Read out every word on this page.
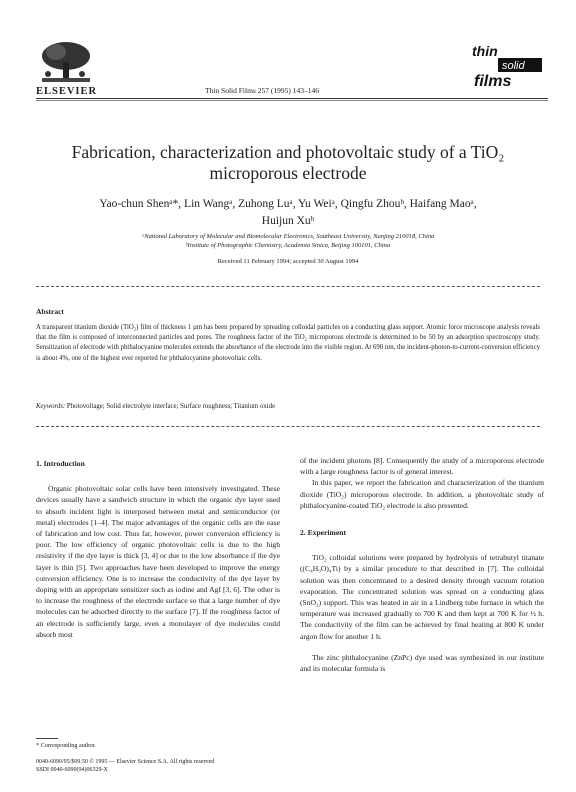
ELSEVIER	Thin Solid Films 257 (1995) 143–146
thin
solid
films
Fabrication, characterization and photovoltaic study of a TiO₂
microporous electrode
Yao-chun Shenᵃ*, Lin Wangᵃ, Zuhong Luᵃ, Yu Weiᵃ, Qingfu Zhouᵇ, Haifang Maoᵃ,
Huijun Xuᵇ
ᵃNational Laboratory of Molecular and Biomolecular Electronics, Southeast University, Nanjing 210018, China
ᵇInstitute of Photographic Chemistry, Academia Sinica, Beijing 100101, China
Received 11 February 1994; accepted 30 August 1994
Abstract
A transparent titanium dioxide (TiO₂) film of thickness 1 µm has been prepared by spreading colloidal particles on a conducting glass support. Atomic force microscope analysis reveals that the film is composed of interconnected particles and pores. The roughness factor of the TiO₂ microporous electrode is determined to be 50 by an adsorption spectroscopy study. Sensitization of electrode with phthalocyanine molecules extends the absorbance of the electrode into the visible region. At 690 nm, the incident-photon-to-current-conversion efficiency is about 4%, one of the highest ever reported for phthalocyanine photovoltaic cells.
Keywords: Photovoltage; Solid electrolyte interface; Surface roughness; Titanium oxide

1. Introduction

Organic photovoltaic solar cells have been intensively investigated. These devices usually have a sandwich structure in which the organic dye layer used to absorb incident light is interposed between metal and semiconductor (or metal) electrodes [1–4]. The major advantages of the organic cells are the ease of fabrication and low cost. Thus far, however, power conversion efficiency is poor. The low efficiency of organic photovoltaic cells is due to the high resistivity if the dye layer is thick [3, 4] or due to the low absorbance if the dye layer is thin [5]. Two approaches have been developed to improve the energy conversion efficiency. One is to increase the conductivity of the dye layer by doping with an appropriate sensitizer such as iodine and AgI [3, 6]. The other is to increase the roughness of the electrode surface so that a large number of dye molecules can be adsorbed directly to the surface [7]. If the roughness factor of an electrode is sufficiently large, even a monolayer of dye molecules could absorb most

of the incident photons [8]. Consequently the study of a microporous electrode with a large roughness factor is of general interest.

In this paper, we report the fabrication and characterization of the titanium dioxide (TiO₂) microporous electrode. In addition, a photovoltaic study of phthalocyanine-coated TiO₂ electrode is also presented.

2. Experiment

TiO₂ colloidal solutions were prepared by hydrolysis of tetrabutyl titanate ((C₄H₉O)₄Ti) by a similar procedure to that described in [7]. The colloidal solution was then concentrated to a desired density through vacuum rotation evaporation. The concentrated solution was spread on a conducting glass (SnO₂) support. This was heated in air in a Lindberg tube furnace in which the temperature was increased gradually to 700 K and then kept at 700 K for ½ h. The conductivity of the film can be achieved by final heating at 800 K under argon flow for another 1 h.

The zinc phthalocyanine (ZnPc) dye used was synthesized in our institute and its molecular formula is

* Corresponding author.
0040-6090/95/$09.50 © 1995 — Elsevier Science S.A. All rights reserved
SSDI 0040-6090(94)06329-X
